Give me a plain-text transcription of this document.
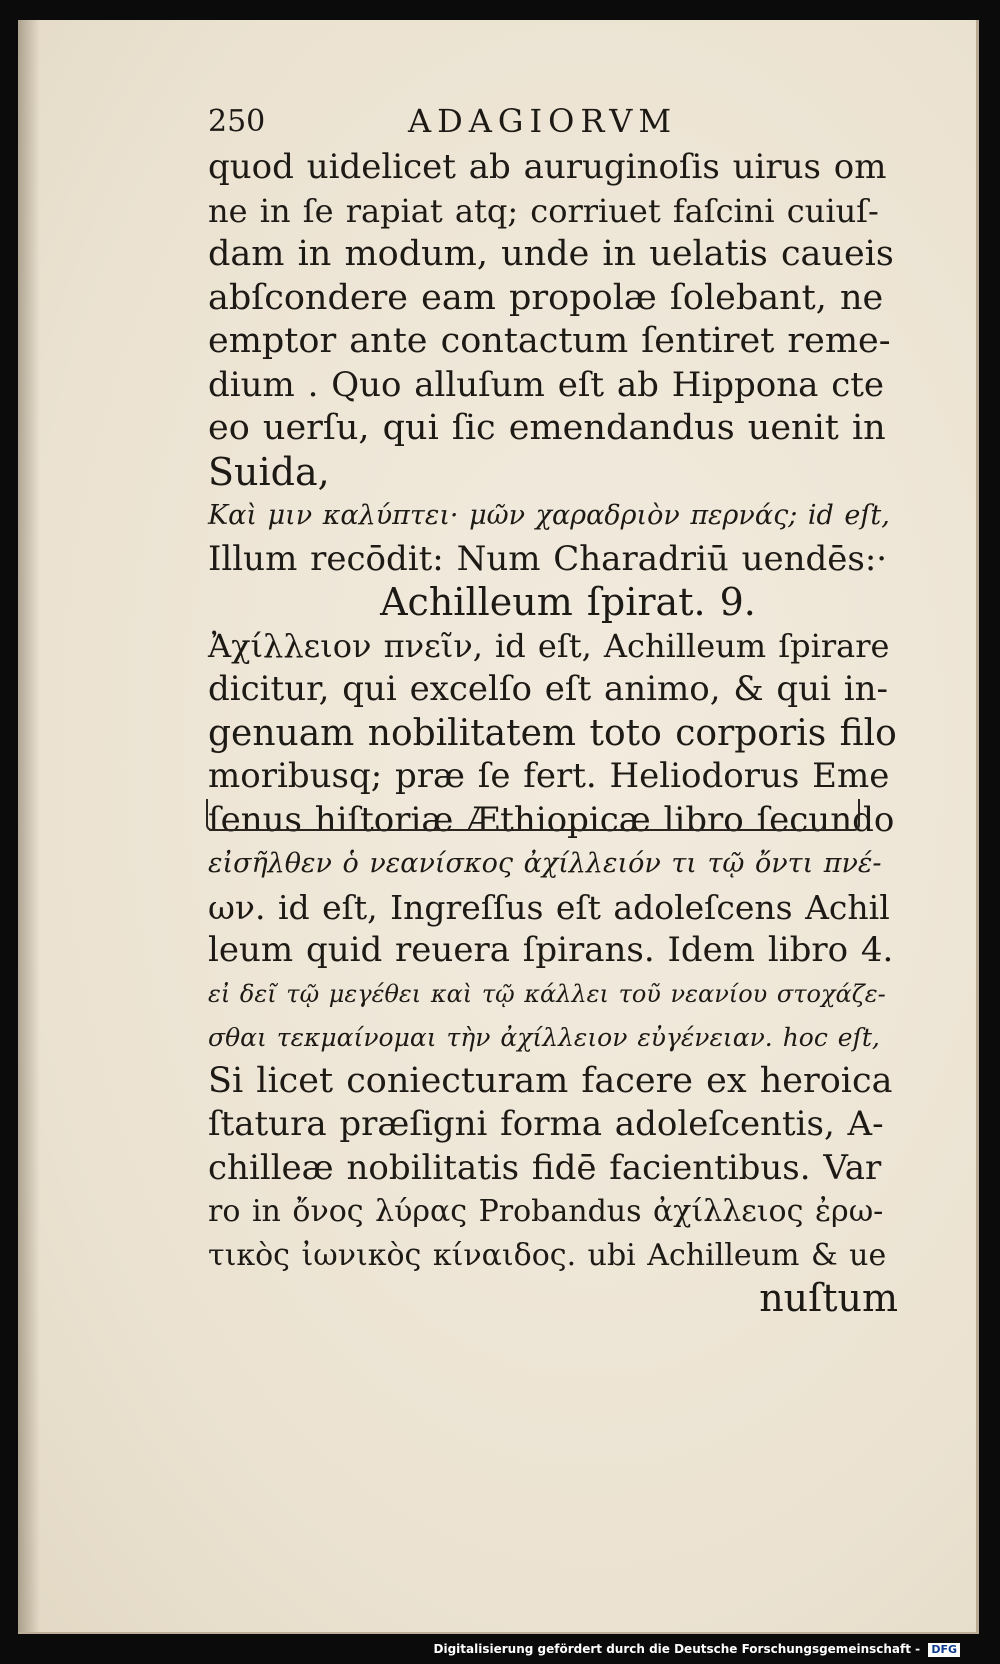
250	ADAGIORVM
quod uidelicet ab auruginoſis uirus om
ne in ſe rapiat atq; corriuet faſcini cuiuſ-
dam in modum, unde in uelatis caueis
abſcondere eam propolæ ſolebant, ne
emptor ante contactum ſentiret reme-
dium . Quo alluſum eſt ab Hippona cte
eo uerſu, qui ſic emendandus uenit in
Suida,
Καὶ μιν καλύπτει· μῶν χαραδριὸν περνάς; id eſt,
Illum recōdit: Num Charadriū uendēs:·
Achilleum ſpirat. 9.
Ἀχίλλειον πνεῖν, id eſt, Achilleum ſpirare
dicitur, qui excelſo eſt animo, & qui in-
genuam nobilitatem toto corporis filo
moribusq; præ ſe fert. Heliodorus Eme
ſenus hiſtoriæ Æthiopicæ libro ſecundo
εἰσῆλθεν ὁ νεανίσκος ἀχίλλειόν τι τῷ ὄντι πνέ-
ων. id eſt, Ingreſſus eſt adoleſcens Achil
leum quid reuera ſpirans. Idem libro 4.
εἰ δεῖ τῷ μεγέθει καὶ τῷ κάλλει τοῦ νεανίου στοχάζε-
σθαι τεκμαίνομαι τὴν ἀχίλλειον εὐγένειαν. hoc eſt,
Si licet coniecturam facere ex heroica
ſtatura præſigni forma adoleſcentis, A-
chilleæ nobilitatis fidē facientibus. Var
ro in ὄνος λύρας Probandus ἀχίλλειος ἐρω-
τικὸς ἰωνικὸς κίναιδος. ubi Achilleum & ue
nuſtum
Digitalisierung gefördert durch die Deutsche Forschungsgemeinschaft - DFG
